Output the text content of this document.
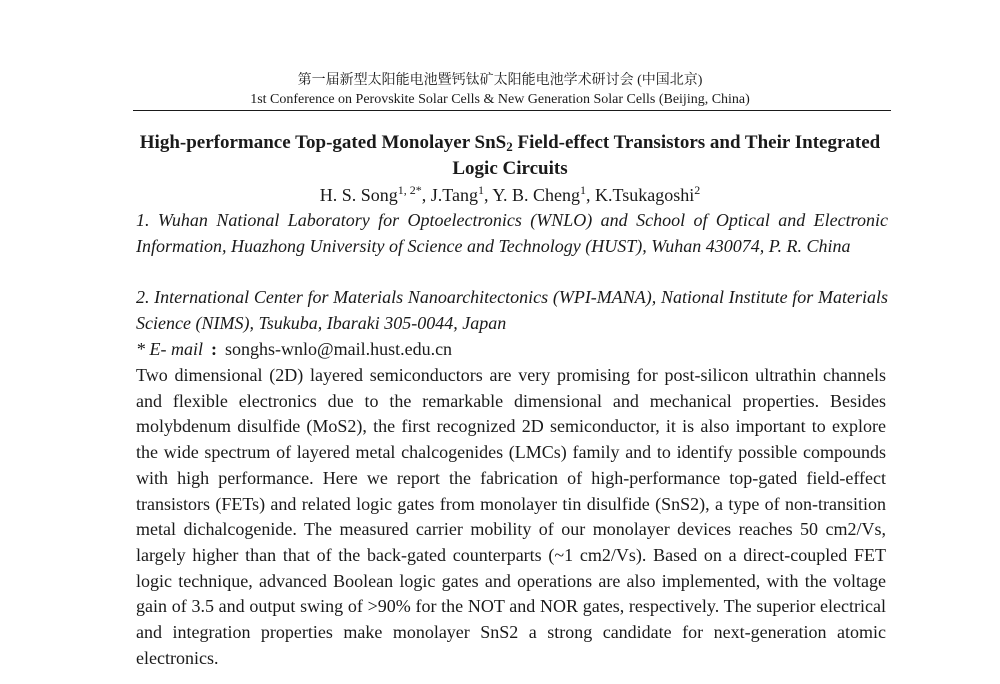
第一届新型太阳能电池暨钙钛矿太阳能电池学术研讨会 (中国北京)
1st Conference on Perovskite Solar Cells & New Generation Solar Cells (Beijing, China)
High-performance Top-gated Monolayer SnS$_2$ Field-effect Transistors and Their Integrated Logic Circuits
H. S. Song$^{1, 2*}$, J.Tang$^1$, Y. B. Cheng$^1$, K.Tsukagoshi$^2$
1. Wuhan National Laboratory for Optoelectronics (WNLO) and School of Optical and Electronic Information, Huazhong University of Science and Technology (HUST), Wuhan 430074, P. R. China
2. International Center for Materials Nanoarchitectonics (WPI-MANA), National Institute for Materials Science (NIMS), Tsukuba, Ibaraki 305-0044, Japan
* E- mail : songhs-wnlo@mail.hust.edu.cn
Two dimensional (2D) layered semiconductors are very promising for post-silicon ultrathin channels and flexible electronics due to the remarkable dimensional and mechanical properties. Besides molybdenum disulfide (MoS2), the first recognized 2D semiconductor, it is also important to explore the wide spectrum of layered metal chalcogenides (LMCs) family and to identify possible compounds with high performance. Here we report the fabrication of high-performance top-gated field-effect transistors (FETs) and related logic gates from monolayer tin disulfide (SnS2), a type of non-transition metal dichalcogenide. The measured carrier mobility of our monolayer devices reaches 50 cm2/Vs, largely higher than that of the back-gated counterparts (~1 cm2/Vs). Based on a direct-coupled FET logic technique, advanced Boolean logic gates and operations are also implemented, with the voltage gain of 3.5 and output swing of >90% for the NOT and NOR gates, respectively. The superior electrical and integration properties make monolayer SnS2 a strong candidate for next-generation atomic electronics.
